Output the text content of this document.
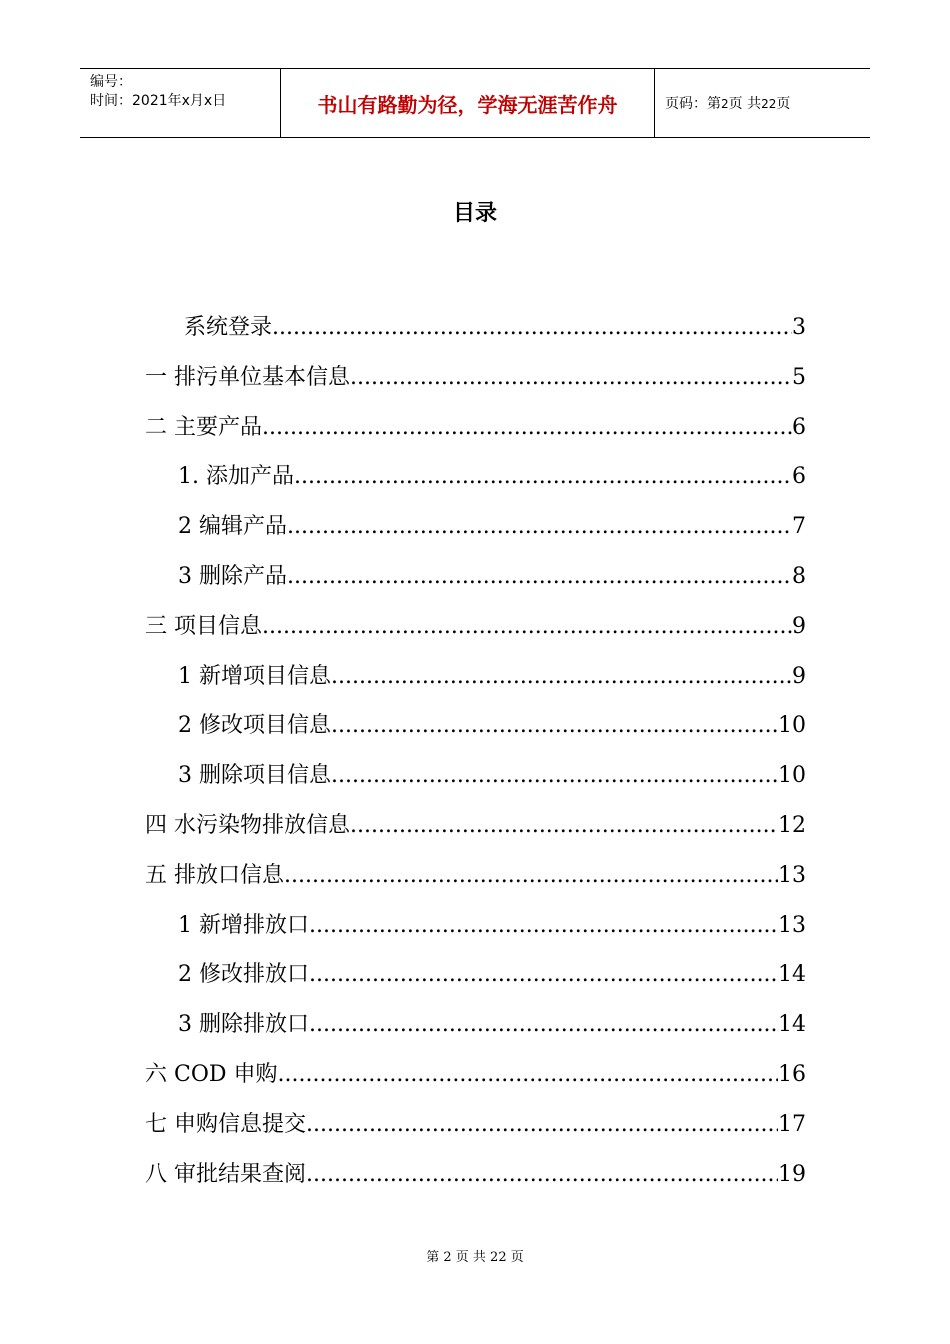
编号：
时间：2021年x月x日	书山有路勤为径，学海无涯苦作舟	页码：第2页 共22页
目录
系统登录 .....	3
一 排污单位基本信息 .....	5
二 主要产品 .....	6
1. 添加产品 .....	6
2 编辑产品 .....	7
3 删除产品 .....	8
三 项目信息 .....	9
1 新增项目信息 .....	9
2 修改项目信息 .....	10
3 删除项目信息 .....	10
四 水污染物排放信息 .....	12
五 排放口信息 .....	13
1 新增排放口 .....	13
2 修改排放口 .....	14
3 删除排放口 .....	14
六 COD 申购 .....	16
七 申购信息提交 .....	17
八 审批结果查阅 .....	19
第 2 页 共 22 页
